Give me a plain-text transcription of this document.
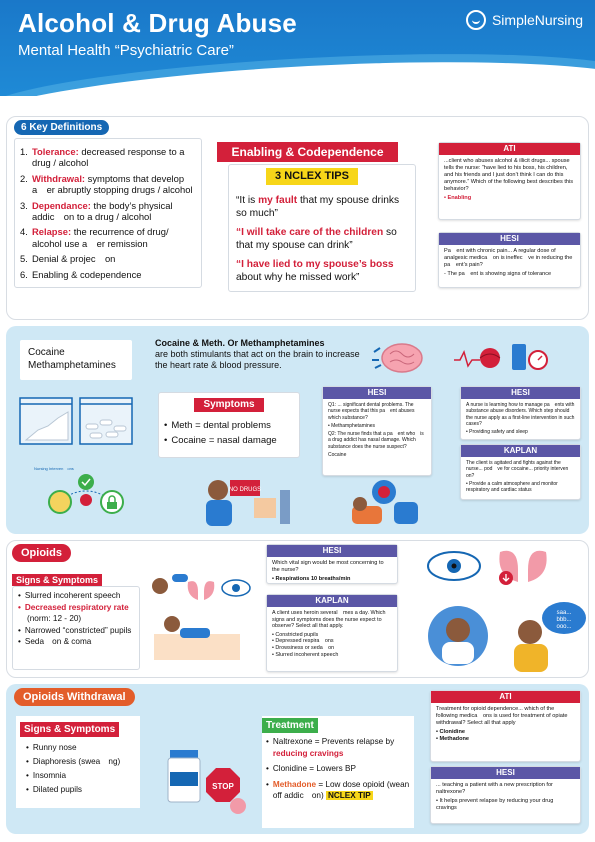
Alcohol & Drug Abuse
Mental Health “Psychiatric Care”
SimpleNursing
6 Key Definitions
1. Tolerance: decreased response to a drug / alcohol
2. Withdrawal: symptoms that develop a er abruptly stopping drugs / alcohol
3. Dependance: the body’s physical addic on to a drug / alcohol
4. Relapse: the recurrence of drug/ alcohol use a er remission
5. Denial & projec on
6. Enabling & codependence
Enabling & Codependence
3 NCLEX TIPS
“It is my fault that my spouse drinks so much”
“I will take care of the children so that my spouse can drink”
“I have lied to my spouse’s boss about why he missed work”
ATI
...client who abuses alcohol & illicit drugs... spouse tells the nurse: “have lied to his boss, his children, and his friends and I just don’t think I can do this anymore.” Which of the following best describes this behavior?
• Enabling
HESI
Pa ent with chronic pain... A regular dose of analgesic medica on is ineffec ve in reducing the pa ent’s pain?
- The pa ent is showing signs of tolerance
Cocaine Methamphetamines
Cocaine & Meth. Or Methamphetamines
are both stimulants that act on the brain to increase the heart rate & blood pressure.
Nursing Interven ons
Symptoms
• Meth = dental problems
• Cocaine = nasal damage
NO DRUGS
HESI
Q1: ... significant dental problems. The nurse expects that this pa ent abuses which substance?
• Methamphetamines
Q2: The nurse finds that a pa ent who is a drug addict has nasal damage. Which substance does the nurse suspect?
Cocaine
HESI
A nurse is learning how to manage pa ents with substance abuse disorders. Which step should the nurse apply as a first-line intervention in such cases?
• Providing safety and sleep
KAPLAN
The client is agitated and fights against the nurse... pod ve for cocaine... priority interven on?
• Provide a calm atmosphere and monitor respiratory and cardiac status
Opioids
Signs & Symptoms
• Slurred incoherent speech
• Decreased respiratory rate
(norm: 12 - 20)
• Narrowed “constricted” pupils
• Seda on & coma
HESI
Which vital sign would be most concerning to the nurse?
• Respirations 10 breaths/min
KAPLAN
A client uses heroin several mes a day. Which signs and symptoms does the nurse expect to observe? Select all that apply.
• Constricted pupils
• Depressed respira ons
• Drowsiness or seda on
• Slurred incoherent speech
saa...
bbb...
ooo...
Opioids Withdrawal
Signs & Symptoms
• Runny nose
• Diaphoresis (swea ng)
• Insomnia
• Dilated pupils	STOP
Treatment
• Naltrexone = Prevents relapse by reducing cravings
• Clonidine = Lowers BP
• Methadone = Low dose opioid (wean off addic on) NCLEX TIP
ATI
Treatment for opioid dependence... which of the following medica ons is used for treatment of opiate withdrawal? Select all that apply
• Clonidine
• Methadone
HESI
... teaching a patient with a new prescription for naltrexone?
• It helps prevent relapse by reducing your drug cravings
